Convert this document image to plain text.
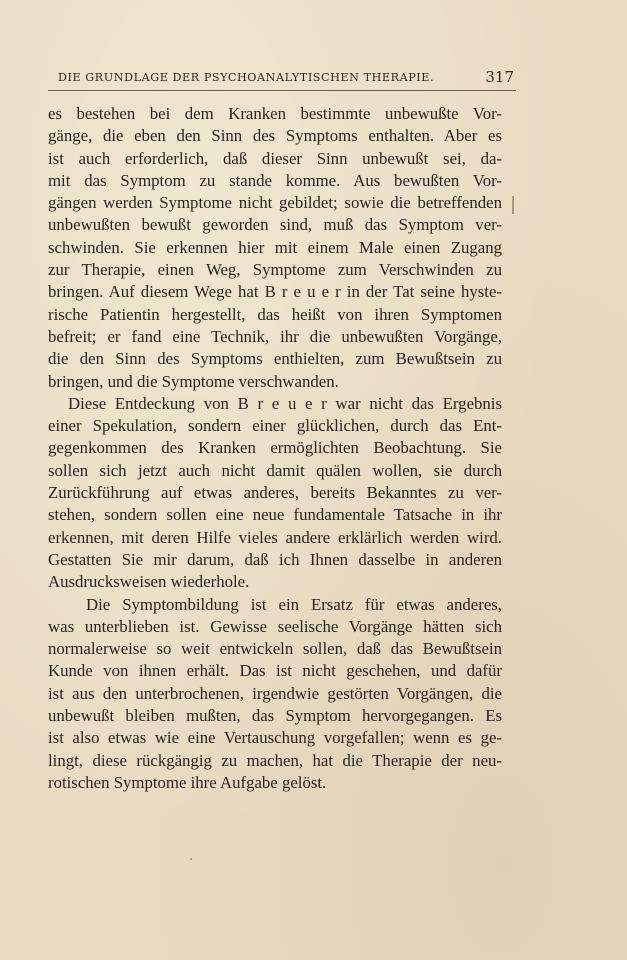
DIE GRUNDLAGE DER PSYCHOANALYTISCHEN THERAPIE.	317
es bestehen bei dem Kranken bestimmte unbewußte Vor-
gänge, die eben den Sinn des Symptoms enthalten. Aber es
ist auch erforderlich, daß dieser Sinn unbewußt sei, da-
mit das Symptom zu stande komme. Aus bewußten Vor-
gängen werden Symptome nicht gebildet; sowie die betreffenden
unbewußten bewußt geworden sind, muß das Symptom ver-
schwinden. Sie erkennen hier mit einem Male einen Zugang
zur Therapie, einen Weg, Symptome zum Verschwinden zu
bringen. Auf diesem Wege hat B r e u e r in der Tat seine hyste-
rische Patientin hergestellt, das heißt von ihren Symptomen
befreit; er fand eine Technik, ihr die unbewußten Vorgänge,
die den Sinn des Symptoms enthielten, zum Bewußtsein zu
bringen, und die Symptome verschwanden.
Diese Entdeckung von B r e u e r war nicht das Ergebnis
einer Spekulation, sondern einer glücklichen, durch das Ent-
gegenkommen des Kranken ermöglichten Beobachtung. Sie
sollen sich jetzt auch nicht damit quälen wollen, sie durch
Zurückführung auf etwas anderes, bereits Bekanntes zu ver-
stehen, sondern sollen eine neue fundamentale Tatsache in ihr
erkennen, mit deren Hilfe vieles andere erklärlich werden wird.
Gestatten Sie mir darum, daß ich Ihnen dasselbe in anderen
Ausdrucksweisen wiederhole.
Die Symptombildung ist ein Ersatz für etwas anderes,
was unterblieben ist. Gewisse seelische Vorgänge hätten sich
normalerweise so weit entwickeln sollen, daß das Bewußtsein
Kunde von ihnen erhält. Das ist nicht geschehen, und dafür
ist aus den unterbrochenen, irgendwie gestörten Vorgängen, die
unbewußt bleiben mußten, das Symptom hervorgegangen. Es
ist also etwas wie eine Vertauschung vorgefallen; wenn es ge-
lingt, diese rückgängig zu machen, hat die Therapie der neu-
rotischen Symptome ihre Aufgabe gelöst.
